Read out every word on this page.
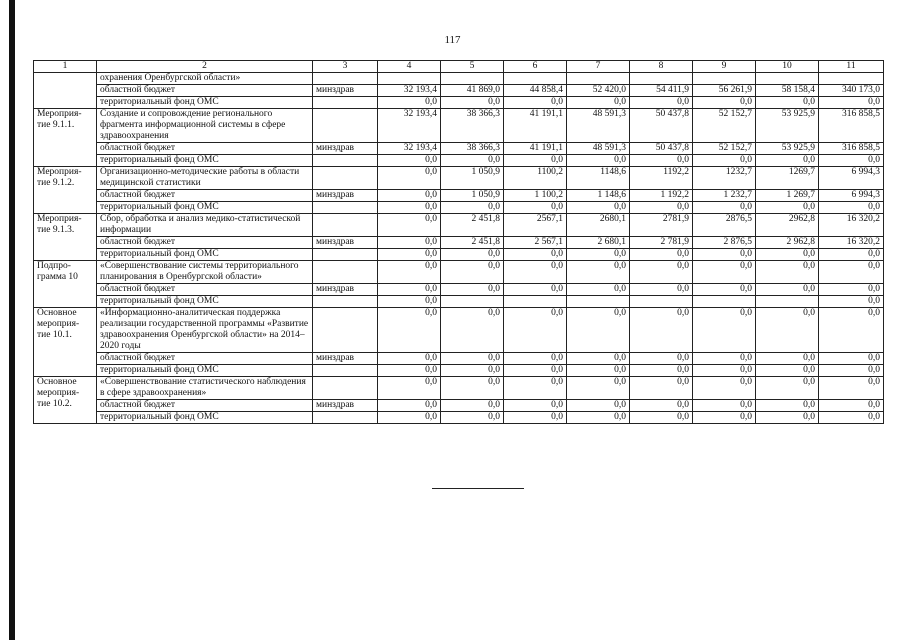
117
1	2	3	4	5	6	7	8	9	10	11
	охранения Оренбургской области»									
	областной бюджет	минздрав	32 193,4	41 869,0	44 858,4	52 420,0	54 411,9	56 261,9	58 158,4	340 173,0
	территориальный фонд ОМС		0,0	0,0	0,0	0,0	0,0	0,0	0,0	0,0
Мероприя-
тие 9.1.1.	Создание и сопровождение регионального фрагмента информационной системы в сфере здравоохранения		32 193,4	38 366,3	41 191,1	48 591,3	50 437,8	52 152,7	53 925,9	316 858,5
	областной бюджет	минздрав	32 193,4	38 366,3	41 191,1	48 591,3	50 437,8	52 152,7	53 925,9	316 858,5
	территориальный фонд ОМС		0,0	0,0	0,0	0,0	0,0	0,0	0,0	0,0
Мероприя-
тие 9.1.2.	Организационно-методические работы в области медицинской статистики		0,0	1 050,9	1100,2	1148,6	1192,2	1232,7	1269,7	6 994,3
	областной бюджет	минздрав	0,0	1 050,9	1 100,2	1 148,6	1 192,2	1 232,7	1 269,7	6 994,3
	территориальный фонд ОМС		0,0	0,0	0,0	0,0	0,0	0,0	0,0	0,0
Мероприя-
тие 9.1.3.	Сбор, обработка и анализ медико-статистической информации		0,0	2 451,8	2567,1	2680,1	2781,9	2876,5	2962,8	16 320,2
	областной бюджет	минздрав	0,0	2 451,8	2 567,1	2 680,1	2 781,9	2 876,5	2 962,8	16 320,2
	территориальный фонд ОМС		0,0	0,0	0,0	0,0	0,0	0,0	0,0	0,0
Подпро-
грамма 10	«Совершенствование системы территориального планирования в Оренбургской области»		0,0	0,0	0,0	0,0	0,0	0,0	0,0	0,0
	областной бюджет	минздрав	0,0	0,0	0,0	0,0	0,0	0,0	0,0	0,0
	территориальный фонд ОМС		0,0							0,0
Основное
мероприя-
тие 10.1.	«Информационно-аналитическая поддержка реализации государственной программы «Развитие здравоохранения Оренбургской области» на 2014–2020 годы		0,0	0,0	0,0	0,0	0,0	0,0	0,0	0,0
	областной бюджет	минздрав	0,0	0,0	0,0	0,0	0,0	0,0	0,0	0,0
	территориальный фонд ОМС		0,0	0,0	0,0	0,0	0,0	0,0	0,0	0,0
Основное
мероприя-
тие 10.2.	«Совершенствование статистического наблюдения в сфере здравоохранения»		0,0	0,0	0,0	0,0	0,0	0,0	0,0	0,0
	областной бюджет	минздрав	0,0	0,0	0,0	0,0	0,0	0,0	0,0	0,0
	территориальный фонд ОМС		0,0	0,0	0,0	0,0	0,0	0,0	0,0	0,0
